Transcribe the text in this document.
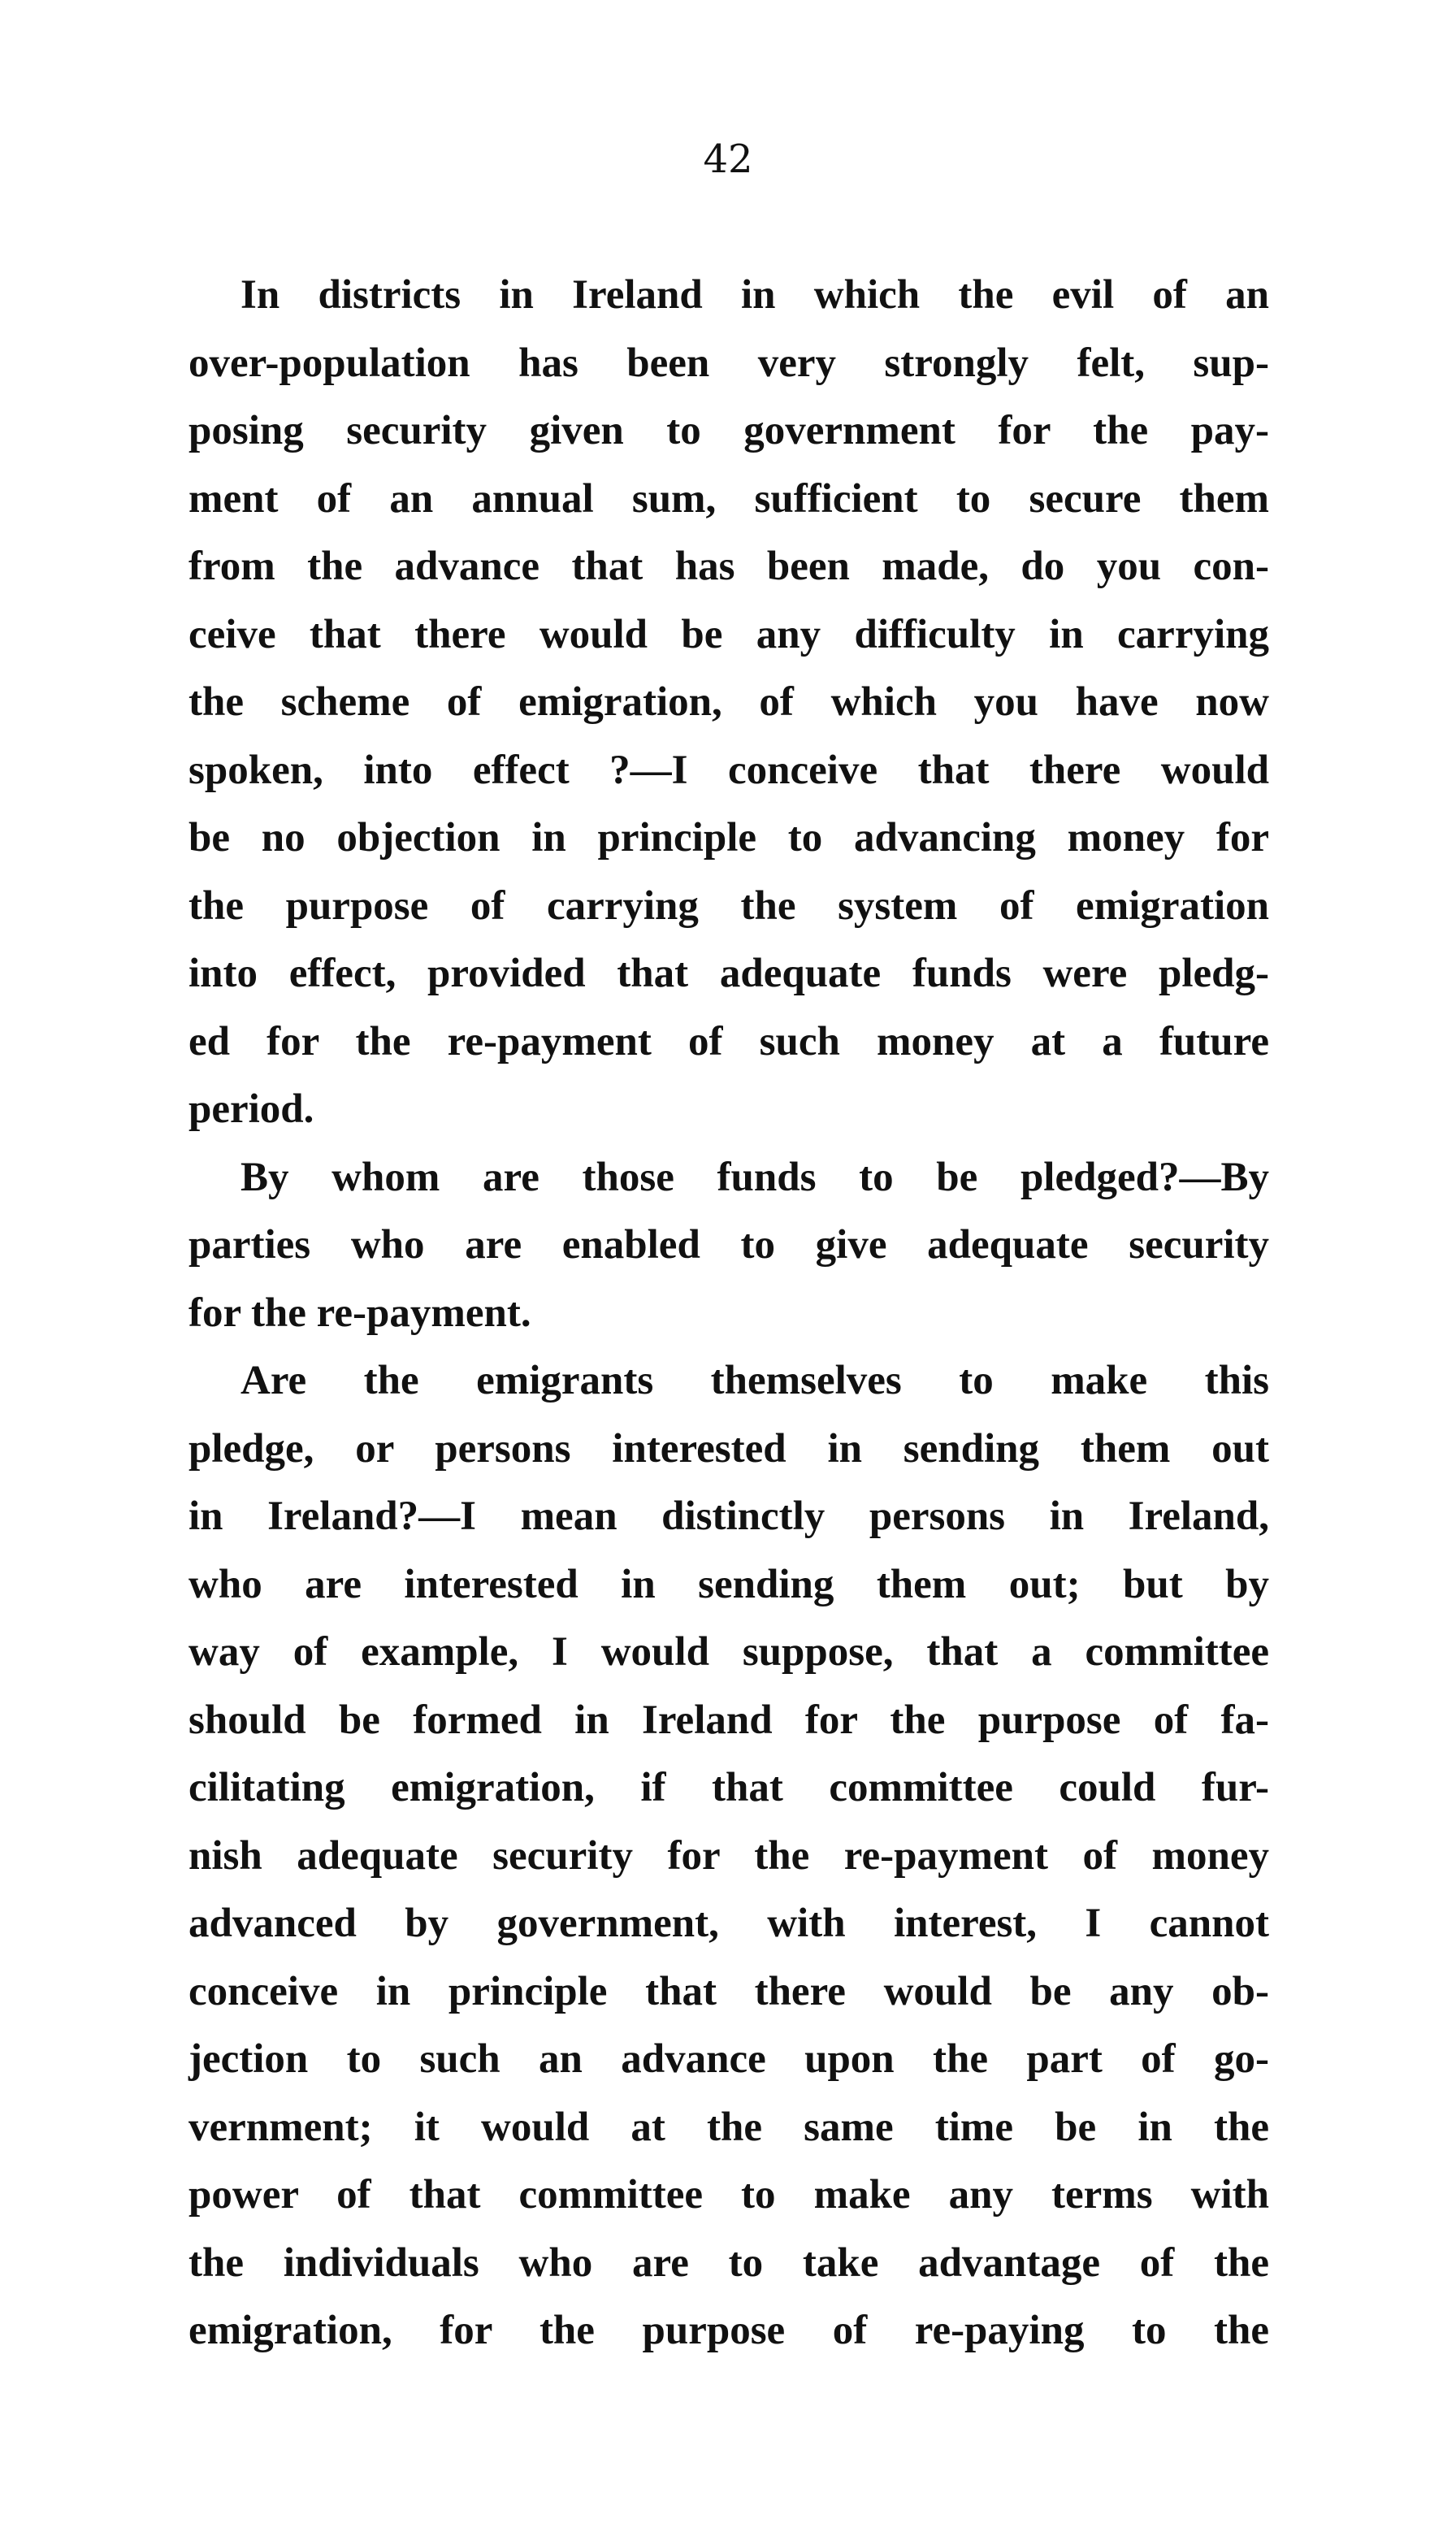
42
In districts in Ireland in which the evil of an
over-population has been very strongly felt, sup-
posing security given to government for the pay-
ment of an annual sum, sufficient to secure them
from the advance that has been made, do you con-
ceive that there would be any difficulty in carrying
the scheme of emigration, of which you have now
spoken, into effect ?—I conceive that there would
be no objection in principle to advancing money for
the purpose of carrying the system of emigration
into effect, provided that adequate funds were pledg-
ed for the re-payment of such money at a future
period.
By whom are those funds to be pledged?—By
parties who are enabled to give adequate security
for the re-payment.
Are the emigrants themselves to make this
pledge, or persons interested in sending them out
in Ireland?—I mean distinctly persons in Ireland,
who are interested in sending them out; but by
way of example, I would suppose, that a committee
should be formed in Ireland for the purpose of fa-
cilitating emigration, if that committee could fur-
nish adequate security for the re-payment of money
advanced by government, with interest, I cannot
conceive in principle that there would be any ob-
jection to such an advance upon the part of go-
vernment; it would at the same time be in the
power of that committee to make any terms with
the individuals who are to take advantage of the
emigration, for the purpose of re-paying to the
